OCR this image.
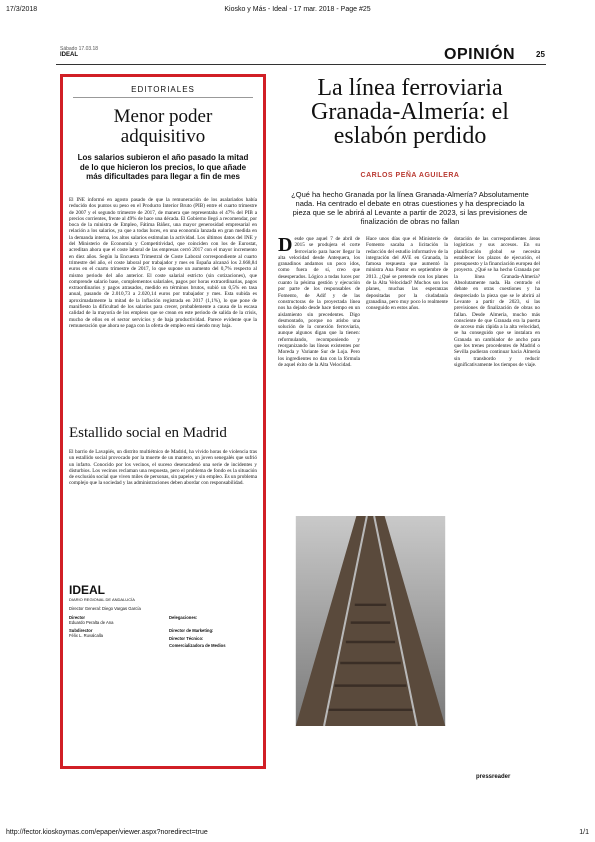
17/3/2018	Kiosko y Más - Ideal - 17 mar. 2018 - Page #25
Sábado 17.03.18
IDEAL	OPINIÓN	25
EDITORIALES
Menor poder adquisitivo
Los salarios subieron el año pasado la mitad de lo que hicieron los precios, lo que añade más dificultades para llegar a fin de mes
El INE informó en agosto pasado de que la remuneración de los asalariados había reducido dos puntos su peso en el Producto Interior Bruto (PIB) entre el cuarto trimestre de 2007 y el segundo trimestre de 2017, de manera que representaba el 47% del PIB a precios corrientes, frente al 49% de hace una década. El Gobierno llegó a recomendar, por boca de la ministra de Empleo, Fátima Báñez, una mayor generosidad empresarial en relación a los salarios, ya que a todas luces, en una economía lanzada en gran medida en la demanda interna, los altos salarios estimulan la actividad. Los últimos datos del INE y del Ministerio de Economía y Competitividad, que coinciden con los de Eurostat, acreditan ahora que el coste laboral de las empresas cerró 2017 con el mayor incremento en diez años. Según la Encuesta Trimestral de Coste Laboral correspondiente al cuarto trimestre del año, el coste laboral por trabajador y mes en España alcanzó los 2.668,84 euros en el cuarto trimestre de 2017, lo que supone un aumento del 0,7% respecto al mismo periodo del año anterior. El coste salarial estricto (sin cotizaciones), que comprende salario base, complementos salariales, pagos por horas extraordinarias, pagos extraordinarios y pagos atrasados, medido en términos brutos, subió un 0,5% en tasa anual, pasando de 2.010,73 a 2.020,14 euros por trabajador y mes. Esta subida es aproximadamente la mitad de la inflación registrada en 2017 (1,1%), lo que pone de manifiesto la dificultad de los salarios para crecer, probablemente a causa de la escasa calidad de la mayoría de los empleos que se crean en este periodo de salida de la crisis, mucho de ellos en el sector servicios y de baja productividad. Parece evidente que la remuneración que ahora se paga con la oferta de empleo está siendo muy baja.
Estallido social en Madrid
El barrio de Lavapiés, un distrito multiétnico de Madrid, ha vivido horas de violencia tras un estallido social provocado por la muerte de un mantero, un joven senegalés que sufrió un infarto. Conocido por los vecinos, el suceso desencadenó una serie de incidentes y disturbios. Los vecinos reclaman una respuesta, pero el problema de fondo es la situación de exclusión social que viven miles de personas, sin papeles y sin empleo. Es un problema complejo que la sociedad y las administraciones deben abordar con responsabilidad.
IDEAL
DIARIO REGIONAL DE ANDALUCÍA
Director General: Diego Vargas García
Director
Eduardo Peralta de Ana
Subdirector
Félix L. Ruvalcalla
Delegaciones:
Director de Marketing:
Director Técnico:
Comercializadora de Medios
La línea ferroviaria Granada-Almería: el eslabón perdido
CARLOS PEÑA AGUILERA
¿Qué ha hecho Granada por la línea Granada-Almería? Absolutamente nada. Ha centrado el debate en otras cuestiones y ha despreciado la pieza que se le abrirá al Levante a partir de 2023, si las previsiones de finalización de obras no fallan
Desde que aquel 7 de abril de 2015 se produjera el corte ferroviario para hacer llegar la alta velocidad desde Antequera, los granadinos andamos un poco idos, como fuera de sí, creo que desesperados. Lógico a todas luces por cuanto la pésima gestión y ejecución por parte de los responsables de Fomento, de Adif y de las constructoras de la proyectada línea nos ha dejado desde hace tiempo en un aislamiento sin precedentes. Digo desmontado, porque no atisbo una solución de la conexión ferroviaria, aunque algunos digan que la tienen: reformulando, recomponiendo y reorganizando las líneas existentes por Moreda y Variante Sur de Loja. Pero los ingredientes no dan con la fórmula de aquel éxito de la Alta Velocidad.
Hace unos días que el Ministerio de Fomento sacaba a licitación la redacción del estudio informativo de la integración del AVE en Granada, la famosa respuesta que aumentó la ministra Ana Pastor en septiembre de 2013. ¿Qué se pretende con los planes de la Alta Velocidad? Muchos son los planes, muchas las esperanzas depositadas por la ciudadanía granadina, pero muy poco lo realmente conseguido en estos años.
dotación de las correspondientes áreas logísticas y sus accesos. En su planificación global se necesita establecer los plazos de ejecución, el presupuesto y la financiación europea del proyecto. ¿Qué se ha hecho Granada por la línea Granada-Almería? Absolutamente nada. Ha centrado el debate en otras cuestiones y ha despreciado la pieza que se le abrirá al Levante a partir de 2023, si las previsiones de finalización de obras no fallan. Desde Almería, mucho más consciente de que Granada era la puerta de acceso más rápida a la alta velocidad, se ha conseguido que se instalara en Granada un cambiador de ancho para que los trenes procedentes de Madrid o Sevilla pudieran continuar hacia Almería sin transbordo y reducir significativamente los tiempos de viaje.
pressreader
http://fector.kioskoymas.com/epaper/viewer.aspx?noredirect=true	1/1
